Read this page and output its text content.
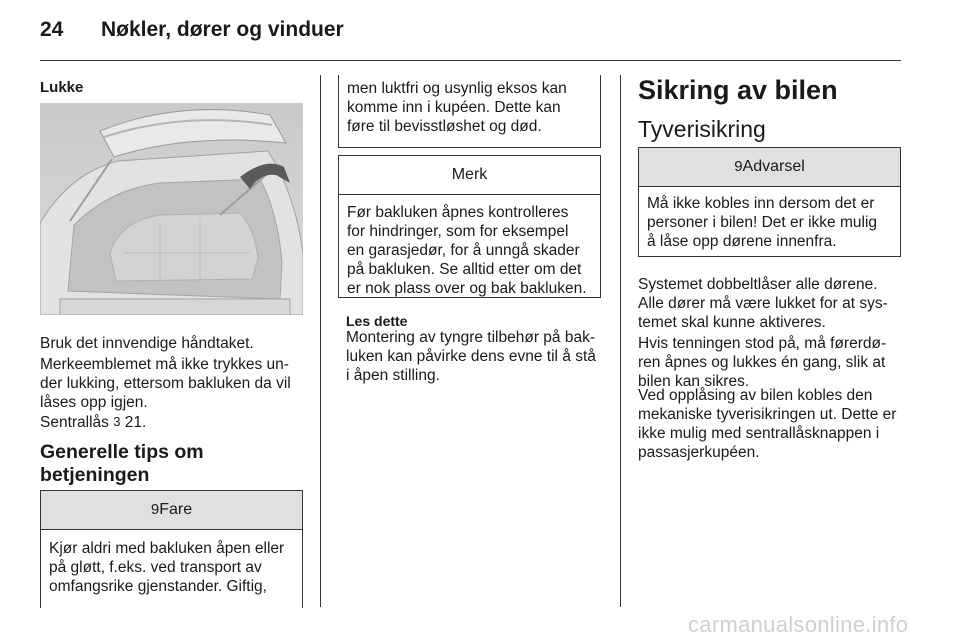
24 Nøkler, dører og vinduer
Lukke
Bruk det innvendige håndtaket.
Merkeemblemet må ikke trykkes un-
der lukking, ettersom bakluken da vil
låses opp igjen.
Sentrallås 3 21.
Generelle tips om betjeningen
9Fare
Kjør aldri med bakluken åpen eller
på gløtt, f.eks. ved transport av
omfangsrike gjenstander. Giftig,
men luktfri og usynlig eksos kan
komme inn i kupéen. Dette kan
føre til bevisstløshet og død.
Merk
Før bakluken åpnes kontrolleres
for hindringer, som for eksempel
en garasjedør, for å unngå skader
på bakluken. Se alltid etter om det
er nok plass over og bak bakluken.
Les dette
Montering av tyngre tilbehør på bak-
luken kan påvirke dens evne til å stå
i åpen stilling.
Sikring av bilen
Tyverisikring
9Advarsel
Må ikke kobles inn dersom det er
personer i bilen! Det er ikke mulig
å låse opp dørene innenfra.
Systemet dobbeltlåser alle dørene.
Alle dører må være lukket for at sys-
temet skal kunne aktiveres.
Hvis tenningen stod på, må førerdø-
ren åpnes og lukkes én gang, slik at
bilen kan sikres.
Ved opplåsing av bilen kobles den
mekaniske tyverisikringen ut. Dette er
ikke mulig med sentrallåsknappen i
passasjerkupéen.
carmanualsonline.info
